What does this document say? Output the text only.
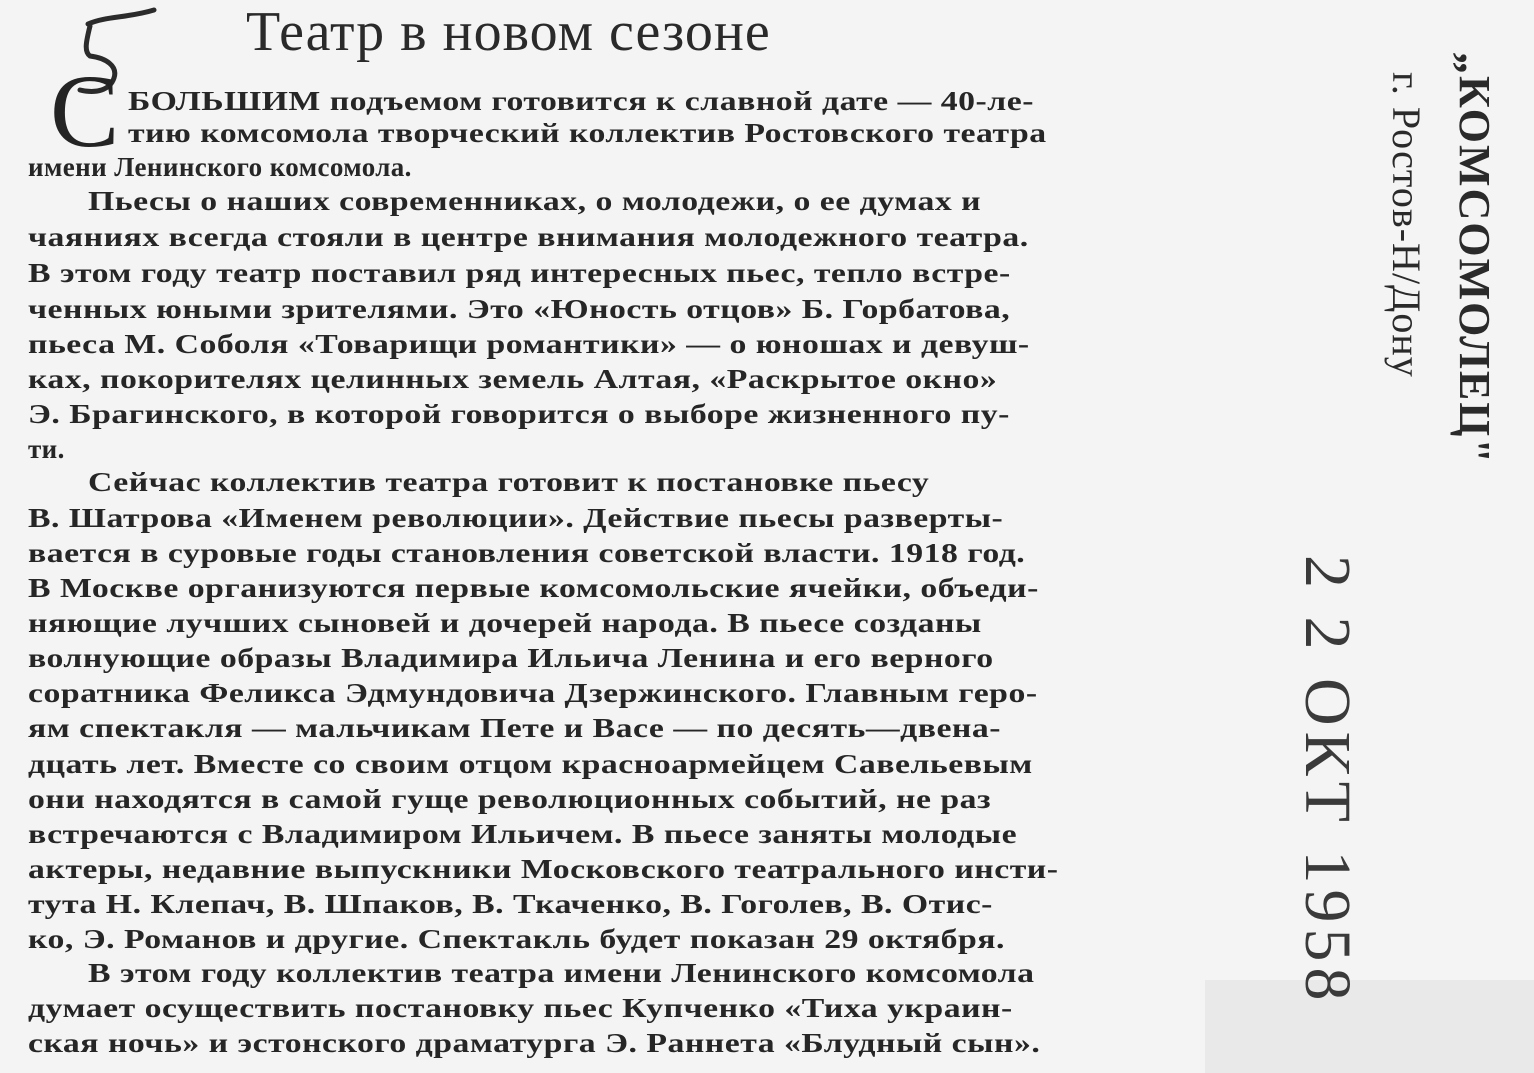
Театр в новом сезоне
С БОЛЬШИМ подъемом готовится к славной дате — 40-ле-
тию комсомола творческий коллектив Ростовского театра
имени Ленинского комсомола.
Пьесы о наших современниках, о молодежи, о ее думах и
чаяниях всегда стояли в центре внимания молодежного театра.
В этом году театр поставил ряд интересных пьес, тепло встре-
ченных юными зрителями. Это «Юность отцов» Б. Горбатова,
пьеса М. Соболя «Товарищи романтики» — о юношах и девуш-
ках, покорителях целинных земель Алтая, «Раскрытое окно»
Э. Брагинского, в которой говорится о выборе жизненного пу-
ти.
Сейчас коллектив театра готовит к постановке пьесу
В. Шатрова «Именем революции». Действие пьесы разверты-
вается в суровые годы становления советской власти. 1918 год.
В Москве организуются первые комсомольские ячейки, объеди-
няющие лучших сыновей и дочерей народа. В пьесе созданы
волнующие образы Владимира Ильича Ленина и его верного
соратника Феликса Эдмундовича Дзержинского. Главным геро-
ям спектакля — мальчикам Пете и Васе — по десять—двена-
дцать лет. Вместе со своим отцом красноармейцем Савельевым
они находятся в самой гуще революционных событий, не раз
встречаются с Владимиром Ильичем. В пьесе заняты молодые
актеры, недавние выпускники Московского театрального инсти-
тута Н. Клепач, В. Шпаков, В. Ткаченко, В. Гоголев, В. Отис-
ко, Э. Романов и другие. Спектакль будет показан 29 октября.
В этом году коллектив театра имени Ленинского комсомола
думает осуществить постановку пьес Купченко «Тиха украин-
ская ночь» и эстонского драматурга Э. Раннета «Блудный сын».
„КОМСОМОЛЕЦ"
г. Ростов-Н/Дону
2 2 ОКТ 1958
